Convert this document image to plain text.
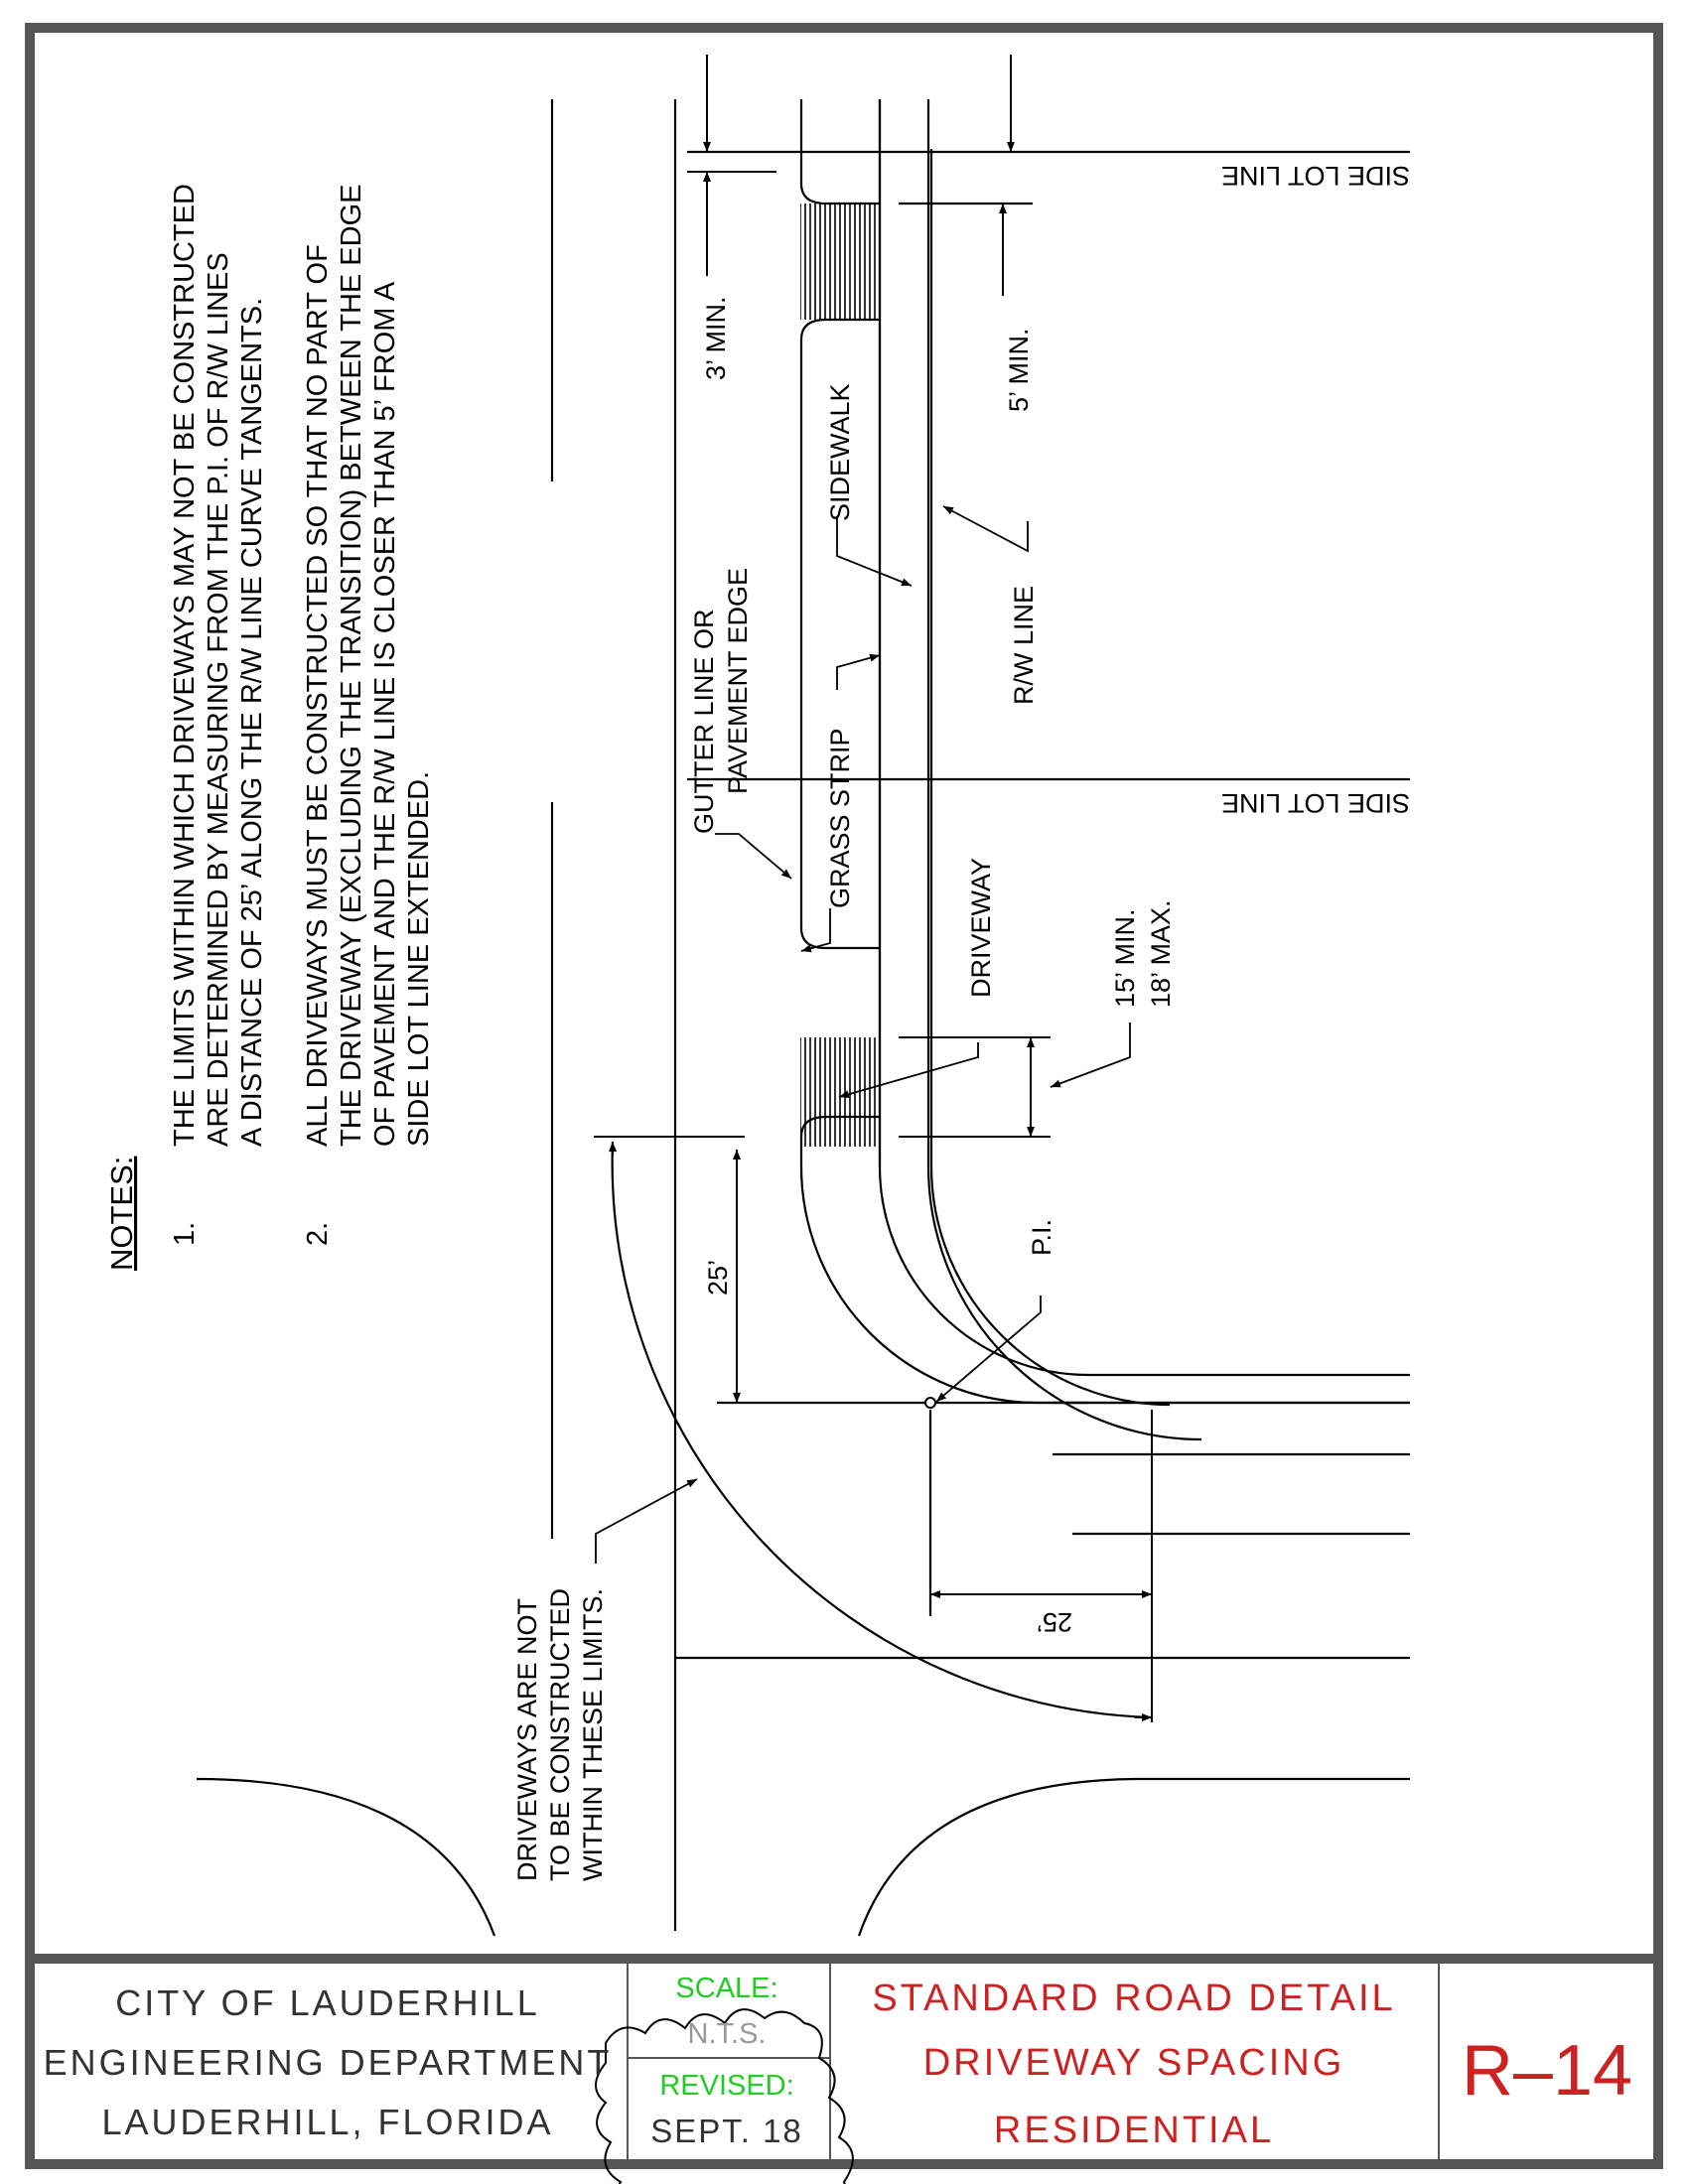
NOTES: 1.
THE LIMITS WITHIN WHICH DRIVEWAYS MAY NOT BE CONSTRUCTED ARE DETERMINED BY MEASURING FROM THE P.I. OF R/W LINES A DISTANCE OF 25’ ALONG THE R/W LINE CURVE TANGENTS.
2.
ALL DRIVEWAYS MUST BE CONSTRUCTED SO THAT NO PART OF THE DRIVEWAY (EXCLUDING THE TRANSITION) BETWEEN THE EDGE OF PAVEMENT AND THE R/W LINE IS CLOSER THAN 5’ FROM A SIDE LOT LINE EXTENDED.
3’ MIN.	5’ MIN.
SIDEWALK
R/W LINE
GUTTER LINE OR PAVEMENT EDGE
GRASS STRIP
DRIVEWAY	15’ MIN. 18’ MAX.
P.I.
25’
DRIVEWAYS ARE NOT TO BE CONSTRUCTED WITHIN THESE LIMITS.
SIDE LOT LINE
SIDE LOT LINE
25’
CITY OF LAUDERHILL
ENGINEERING DEPARTMENT
LAUDERHILL, FLORIDA
SCALE:
N.T.S.
REVISED:
SEPT. 18
STANDARD ROAD DETAIL
DRIVEWAY SPACING
RESIDENTIAL
R–14
